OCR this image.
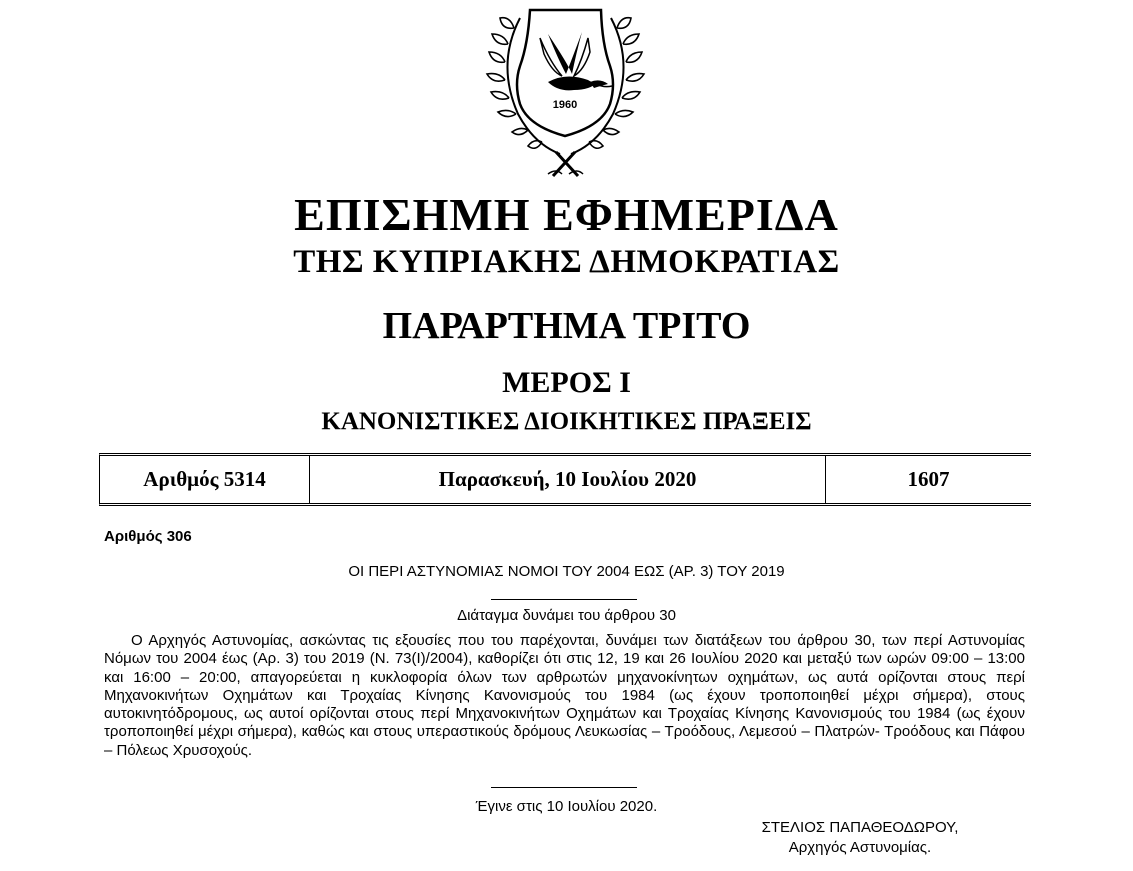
1960
ΕΠΙΣΗΜΗ ΕΦΗΜΕΡΙΔΑ
ΤΗΣ ΚΥΠΡΙΑΚΗΣ ΔΗΜΟΚΡΑΤΙΑΣ
ΠΑΡΑΡΤΗΜΑ ΤΡΙΤΟ
ΜΕΡΟΣ Ι
ΚΑΝΟΝΙΣΤΙΚΕΣ ΔΙΟΙΚΗΤΙΚΕΣ ΠΡΑΞΕΙΣ
Αριθμός 5314	Παρασκευή, 10 Ιουλίου 2020	1607
Αριθμός 306
ΟΙ ΠΕΡΙ ΑΣΤΥΝΟΜΙΑΣ ΝΟΜΟΙ ΤΟΥ 2004 ΕΩΣ (ΑΡ. 3) ΤΟΥ 2019
Διάταγμα δυνάμει του άρθρου 30
Ο Αρχηγός Αστυνομίας, ασκώντας τις εξουσίες που του παρέχονται, δυνάμει των διατάξεων του άρθρου 30, των περί Αστυνομίας Νόμων του 2004 έως (Αρ. 3) του 2019 (Ν. 73(Ι)/2004), καθορίζει ότι στις 12, 19 και 26 Ιουλίου 2020 και μεταξύ των ωρών 09:00 – 13:00 και 16:00 – 20:00, απαγορεύεται η κυκλοφορία όλων των αρθρωτών μηχανοκίνητων οχημάτων, ως αυτά ορίζονται στους περί Μηχανοκινήτων Οχημάτων και Τροχαίας Κίνησης Κανονισμούς του 1984 (ως έχουν τροποποιηθεί μέχρι σήμερα), στους αυτοκινητόδρομους, ως αυτοί ορίζονται στους περί Μηχανοκινήτων Οχημάτων και Τροχαίας Κίνησης Κανονισμούς του 1984 (ως έχουν τροποποιηθεί μέχρι σήμερα), καθώς και στους υπεραστικούς δρόμους Λευκωσίας – Τροόδους, Λεμεσού – Πλατρών- Τροόδους και Πάφου – Πόλεως Χρυσοχούς.
Έγινε στις 10 Ιουλίου 2020.
ΣΤΕΛΙΟΣ ΠΑΠΑΘΕΟΔΩΡΟΥ,
Αρχηγός Αστυνομίας.
